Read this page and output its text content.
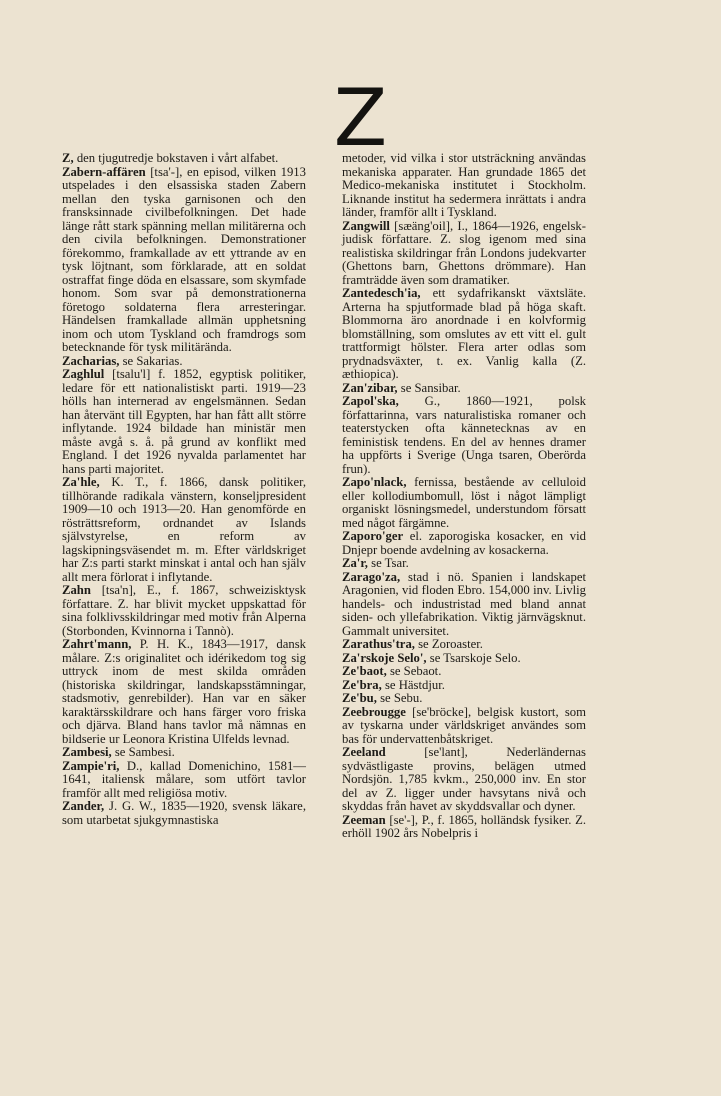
Z

Z, den tjugutredje bokstaven i vårt alfabet.

Zabern-affären [tsa'-], en episod, vilken 1913 utspelades i den elsassiska staden Zabern mellan den tyska garnisonen och den fransksinnade civilbefolkningen. Det hade länge rått stark spänning mellan militärerna och den civila befolkningen. Demonstrationer förekommo, framkallade av ett yttrande av en tysk löjtnant, som förklarade, att en soldat ostraffat finge döda en elsassare, som skymfade honom. Som svar på demonstrationerna företogo soldaterna flera arresteringar. Händelsen framkallade allmän upphetsning inom och utom Tyskland och framdrogs som betecknande för tysk militärända.

Zacharias, se Sakarias.

Zaghlul [tsalu'l] f. 1852, egyptisk politiker, ledare för ett nationalistiskt parti. 1919—23 hölls han internerad av engelsmännen. Sedan han återvänt till Egypten, har han fått allt större inflytande. 1924 bildade han ministär men måste avgå s. å. på grund av konflikt med England. I det 1926 nyvalda parlamentet har hans parti majoritet.

Za'hle, K. T., f. 1866, dansk politiker, tillhörande radikala vänstern, konseljpresident 1909—10 och 1913—20. Han genomförde en rösträttsreform, ordnandet av Islands självstyrelse, en reform av lagskipningsväsendet m. m. Efter världskriget har Z:s parti starkt minskat i antal och han själv allt mera förlorat i inflytande.

Zahn [tsa'n], E., f. 1867, schweizisktysk författare. Z. har blivit mycket uppskattad för sina folklivsskildringar med motiv från Alperna (Storbonden, Kvinnorna i Tannò).

Zahrt'mann, P. H. K., 1843—1917, dansk målare. Z:s originalitet och idérikedom tog sig uttryck inom de mest skilda områden (historiska skildringar, landskapsstämningar, stadsmotiv, genrebilder). Han var en säker karaktärsskildrare och hans färger voro friska och djärva. Bland hans tavlor må nämnas en bildserie ur Leonora Kristina Ulfelds levnad.

Zambesi, se Sambesi.

Zampie'ri, D., kallad Domenichino, 1581—1641, italiensk målare, som utfört tavlor framför allt med religiösa motiv.

Zander, J. G. W., 1835—1920, svensk läkare, som utarbetat sjukgymnastiska

metoder, vid vilka i stor utsträckning användas mekaniska apparater. Han grundade 1865 det Medico-mekaniska institutet i Stockholm. Liknande institut ha sedermera inrättats i andra länder, framför allt i Tyskland.

Zangwill [sæäng'oil], I., 1864—1926, engelsk-judisk författare. Z. slog igenom med sina realistiska skildringar från Londons judekvarter (Ghettons barn, Ghettons drömmare). Han framträdde även som dramatiker.

Zantedesch'ia, ett sydafrikanskt växtsläte. Arterna ha spjutformade blad på höga skaft. Blommorna äro anordnade i en kolvformig blomställning, som omslutes av ett vitt el. gult trattformigt hölster. Flera arter odlas som prydnadsväxter, t. ex. Vanlig kalla (Z. æthiopica).

Zan'zibar, se Sansibar.

Zapol'ska, G., 1860—1921, polsk författarinna, vars naturalistiska romaner och teaterstycken ofta kännetecknas av en feministisk tendens. En del av hennes dramer ha uppförts i Sverige (Unga tsaren, Oberörda frun).

Zapo'nlack, fernissa, bestående av celluloid eller kollodiumbomull, löst i något lämpligt organiskt lösningsmedel, understundom försatt med något färgämne.

Zaporo'ger el. zaporogiska kosacker, en vid Dnjepr boende avdelning av kosackerna.

Za'r, se Tsar.

Zarago'za, stad i nö. Spanien i landskapet Aragonien, vid floden Ebro. 154,000 inv. Livlig handels- och industristad med bland annat siden- och yllefabrikation. Viktig järnvägsknut. Gammalt universitet.

Zarathus'tra, se Zoroaster.

Za'rskoje Selo', se Tsarskoje Selo.

Ze'baot, se Sebaot.

Ze'bra, se Hästdjur.

Ze'bu, se Sebu.

Zeebrougge [se'bröcke], belgisk kustort, som av tyskarna under världskriget användes som bas för undervattenbåtskriget.

Zeeland [se'lant], Nederländernas sydvästligaste provins, belägen utmed Nordsjön. 1,785 kvkm., 250,000 inv. En stor del av Z. ligger under havsytans nivå och skyddas från havet av skyddsvallar och dyner.

Zeeman [se'-], P., f. 1865, holländsk fysiker. Z. erhöll 1902 års Nobelpris i
